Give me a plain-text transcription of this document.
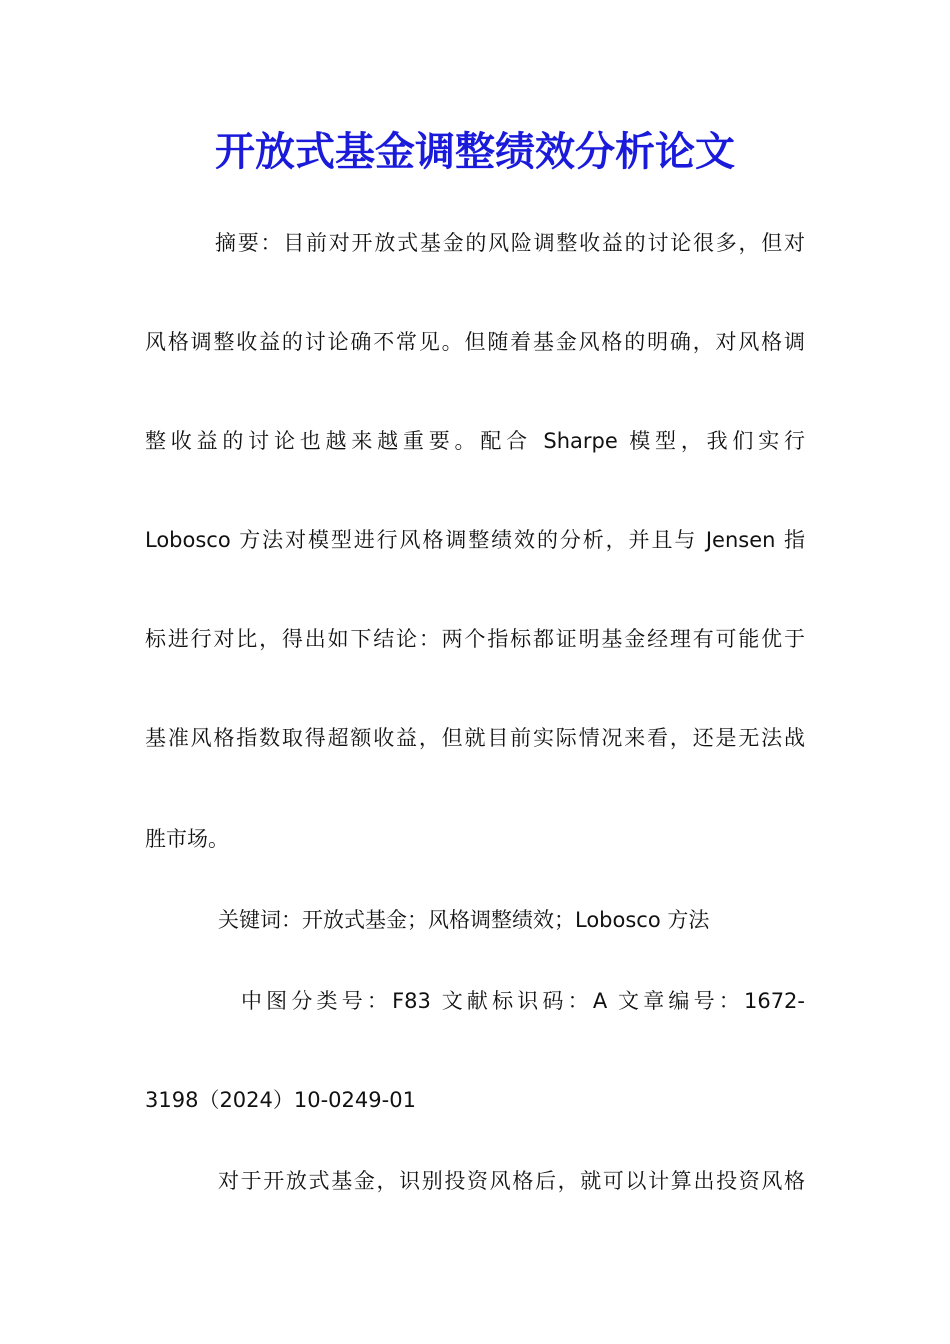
开放式基金调整绩效分析论文

摘要：目前对开放式基金的风险调整收益的讨论很多，但对

风格调整收益的讨论确不常见。但随着基金风格的明确，对风格调

整收益的讨论也越来越重要。配合 Sharpe 模型，我们实行

Lobosco 方法对模型进行风格调整绩效的分析，并且与 Jensen 指

标进行对比，得出如下结论：两个指标都证明基金经理有可能优于

基准风格指数取得超额收益，但就目前实际情况来看，还是无法战

胜市场。

关键词：开放式基金；风格调整绩效；Lobosco 方法

中图分类号：F83 文献标识码：A 文章编号：1672-

3198（2024）10-0249-01

对于开放式基金，识别投资风格后，就可以计算出投资风格
